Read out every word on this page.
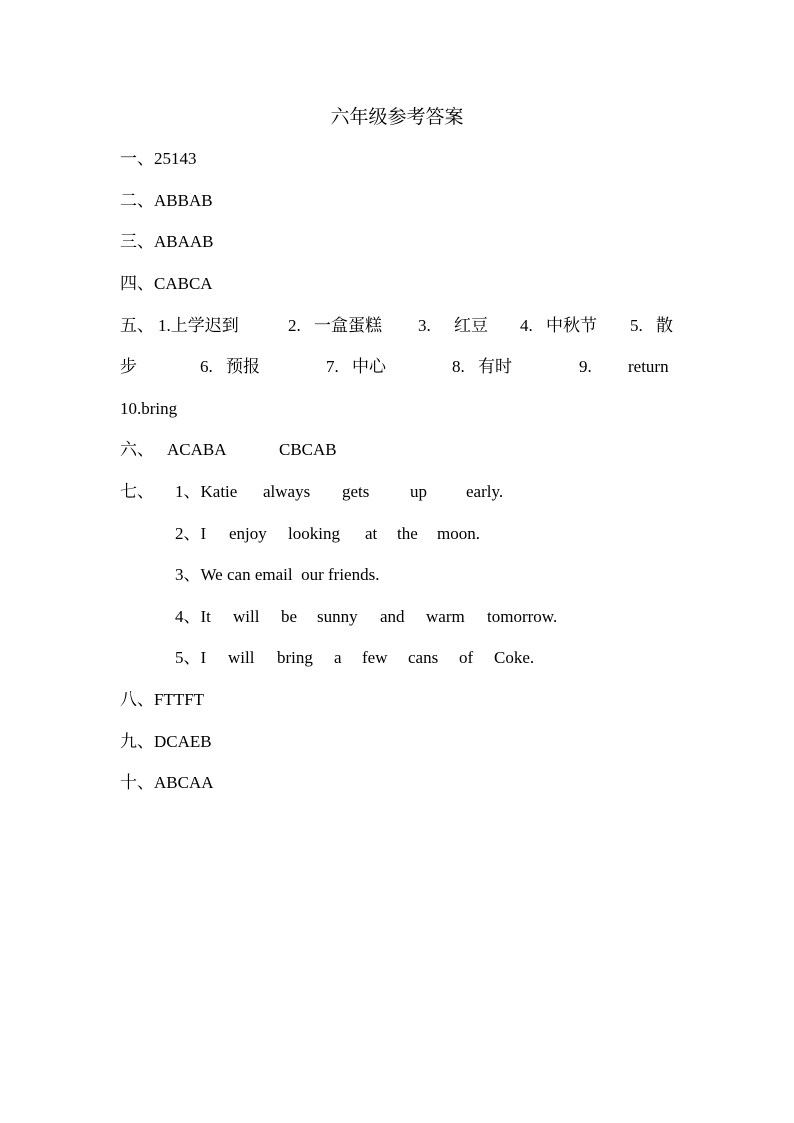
六年级参考答案
一、25143
二、ABBAB
三、ABAAB
四、CABCA
五、 1.上学迟到	2. 一盒蛋糕 3. 红豆 4. 中秋节 5. 散
步	6. 预报	7. 中心	8. 有时	9. return
10.bring
六、 ACABA	CBCAB
七、 1、Katie always gets up early.
2、I enjoy looking at the moon.
3、We can email  our friends.
4、It will be sunny and warm tomorrow.
5、I will bring a few cans of Coke.
八、FTTFT
九、DCAEB
十、ABCAA
